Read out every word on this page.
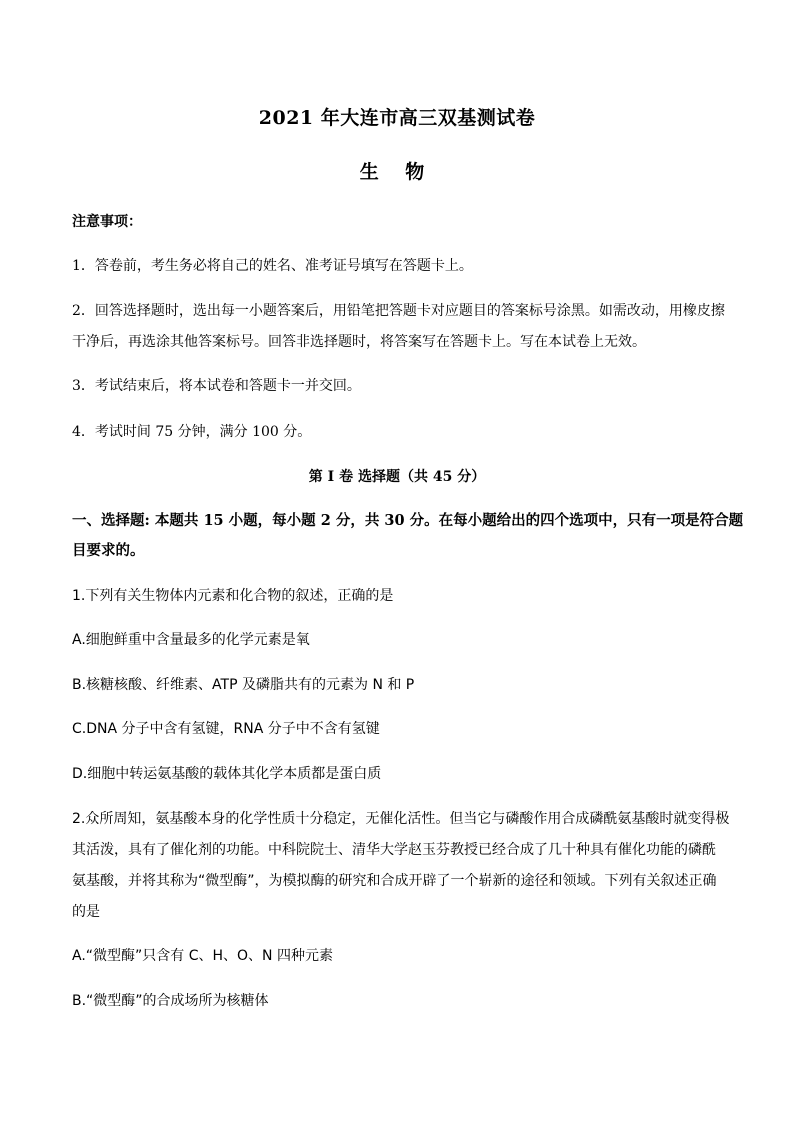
2021 年大连市高三双基测试卷
生 物
注意事项：
1．答卷前，考生务必将自己的姓名、准考证号填写在答题卡上。
2．回答选择题时，选出每一小题答案后，用铅笔把答题卡对应题目的答案标号涂黑。如需改动，用橡皮擦
干净后，再选涂其他答案标号。回答非选择题时，将答案写在答题卡上。写在本试卷上无效。
3．考试结束后，将本试卷和答题卡一并交回。
4．考试时间 75 分钟，满分 100 分。
第 Ⅰ 卷 选择题（共 45 分）
一、选择题: 本题共 15 小题，每小题 2 分，共 30 分。在每小题给出的四个选项中，只有一项是符合题
目要求的。
1.下列有关生物体内元素和化合物的叙述，正确的是
A.细胞鲜重中含量最多的化学元素是氧
B.核糖核酸、纤维素、ATP 及磷脂共有的元素为 N 和 P
C.DNA 分子中含有氢键，RNA 分子中不含有氢键
D.细胞中转运氨基酸的载体其化学本质都是蛋白质
2.众所周知，氨基酸本身的化学性质十分稳定，无催化活性。但当它与磷酸作用合成磷酰氨基酸时就变得极
其活泼，具有了催化剂的功能。中科院院士、清华大学赵玉芬教授已经合成了几十种具有催化功能的磷酰
氨基酸，并将其称为“微型酶”，为模拟酶的研究和合成开辟了一个崭新的途径和领域。下列有关叙述正确
的是
A.“微型酶”只含有 C、H、O、N 四种元素
B.“微型酶”的合成场所为核糖体
